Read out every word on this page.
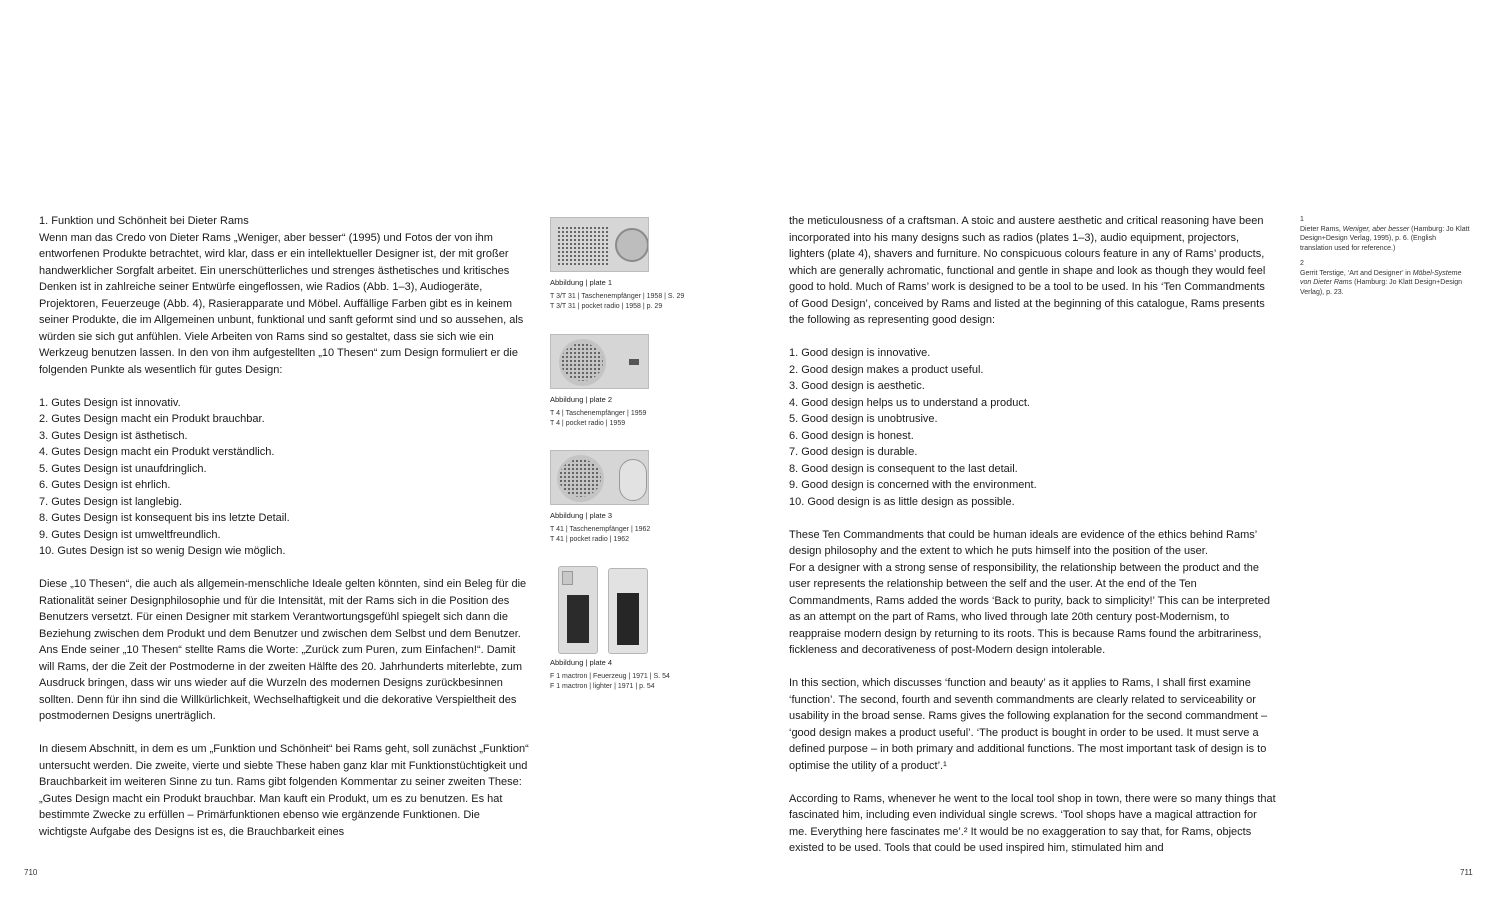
1. Funktion und Schönheit bei Dieter Rams

Wenn man das Credo von Dieter Rams „Weniger, aber besser“ (1995) und Fotos der von ihm entworfenen Produkte betrachtet, wird klar, dass er ein intellektueller Designer ist, der mit großer handwerklicher Sorgfalt arbeitet. Ein unerschütterliches und strenges ästhetisches und kritisches Denken ist in zahlreiche seiner Entwürfe eingeflossen, wie Radios (Abb. 1–3), Audiogeräte, Projektoren, Feuerzeuge (Abb. 4), Rasierapparate und Möbel. Auffällige Farben gibt es in keinem seiner Produkte, die im Allgemeinen unbunt, funktional und sanft geformt sind und so aussehen, als würden sie sich gut anfühlen. Viele Arbeiten von Rams sind so gestaltet, dass sie sich wie ein Werkzeug benutzen lassen. In den von ihm aufgestellten „10 Thesen“ zum Design formuliert er die folgenden Punkte als wesentlich für gutes Design:

1. Gutes Design ist innovativ.
2. Gutes Design macht ein Produkt brauchbar.
3. Gutes Design ist ästhetisch.
4. Gutes Design macht ein Produkt verständlich.
5. Gutes Design ist unaufdringlich.
6. Gutes Design ist ehrlich.
7. Gutes Design ist langlebig.
8. Gutes Design ist konsequent bis ins letzte Detail.
9. Gutes Design ist umweltfreundlich.
10. Gutes Design ist so wenig Design wie möglich.

Diese „10 Thesen“, die auch als allgemein-menschliche Ideale gelten könnten, sind ein Beleg für die Rationalität seiner Designphilosophie und für die Intensität, mit der Rams sich in die Position des Benutzers versetzt. Für einen Designer mit starkem Verantwortungsgefühl spiegelt sich dann die Beziehung zwischen dem Produkt und dem Benutzer und zwischen dem Selbst und dem Benutzer. Ans Ende seiner „10 Thesen“ stellte Rams die Worte: „Zurück zum Puren, zum Einfachen!“. Damit will Rams, der die Zeit der Postmoderne in der zweiten Hälfte des 20. Jahrhunderts miterlebte, zum Ausdruck bringen, dass wir uns wieder auf die Wurzeln des modernen Designs zurückbesinnen sollten. Denn für ihn sind die Willkürlichkeit, Wechselhaftigkeit und die dekorative Verspieltheit des postmodernen Designs unerträglich.

In diesem Abschnitt, in dem es um „Funktion und Schönheit“ bei Rams geht, soll zunächst „Funktion“ untersucht werden. Die zweite, vierte und siebte These haben ganz klar mit Funktionstüchtigkeit und Brauchbarkeit im weiteren Sinne zu tun. Rams gibt folgenden Kommentar zu seiner zweiten These: „Gutes Design macht ein Produkt brauchbar. Man kauft ein Produkt, um es zu benutzen. Es hat bestimmte Zwecke zu erfüllen – Primärfunktionen ebenso wie ergänzende Funktionen. Die wichtigste Aufgabe des Designs ist es, die Brauchbarkeit eines

Abbildung | plate 1
T 3/T 31 | Taschenempfänger | 1958 | S. 29
T 3/T 31 | pocket radio | 1958 | p. 29
Abbildung | plate 2
T 4 | Taschenempfänger | 1959
T 4 | pocket radio | 1959
Abbildung | plate 3
T 41 | Taschenempfänger | 1962
T 41 | pocket radio | 1962
Abbildung | plate 4
F 1 mactron | Feuerzeug | 1971 | S. 54
F 1 mactron | lighter | 1971 | p. 54

the meticulousness of a craftsman. A stoic and austere aesthetic and critical reasoning have been incorporated into his many designs such as radios (plates 1–3), audio equipment, projectors, lighters (plate 4), shavers and furniture. No conspicuous colours feature in any of Rams’ products, which are generally achromatic, functional and gentle in shape and look as though they would feel good to hold. Much of Rams’ work is designed to be a tool to be used. In his ‘Ten Commandments of Good Design’, conceived by Rams and listed at the beginning of this catalogue, Rams presents the following as representing good design:

1. Good design is innovative.
2. Good design makes a product useful.
3. Good design is aesthetic.
4. Good design helps us to understand a product.
5. Good design is unobtrusive.
6. Good design is honest.
7. Good design is durable.
8. Good design is consequent to the last detail.
9. Good design is concerned with the environment.
10. Good design is as little design as possible.

These Ten Commandments that could be human ideals are evidence of the ethics behind Rams’ design philosophy and the extent to which he puts himself into the position of the user.

For a designer with a strong sense of responsibility, the relationship between the product and the user represents the relationship between the self and the user. At the end of the Ten Commandments, Rams added the words ‘Back to purity, back to simplicity!’ This can be interpreted as an attempt on the part of Rams, who lived through late 20th century post-Modernism, to reappraise modern design by returning to its roots. This is because Rams found the arbitrariness, fickleness and decorativeness of post-Modern design intolerable.

In this section, which discusses ‘function and beauty’ as it applies to Rams, I shall first examine ‘function’. The second, fourth and seventh commandments are clearly related to serviceability or usability in the broad sense. Rams gives the following explanation for the second commandment – ‘good design makes a product useful’. ‘The product is bought in order to be used. It must serve a defined purpose – in both primary and additional functions. The most important task of design is to optimise the utility of a product’.¹

According to Rams, whenever he went to the local tool shop in town, there were so many things that fascinated him, including even individual single screws. ‘Tool shops have a magical attraction for me. Everything here fascinates me’.² It would be no exaggeration to say that, for Rams, objects existed to be used. Tools that could be used inspired him, stimulated him and

1
Dieter Rams, Weniger, aber besser (Hamburg: Jo Klatt Design+Design Verlag, 1995), p. 6. (English translation used for reference.)
2
Gerrit Terstige, ‘Art and Designer’ in Möbel-Systeme von Dieter Rams (Hamburg: Jo Klatt Design+Design Verlag), p. 23.
710	711
